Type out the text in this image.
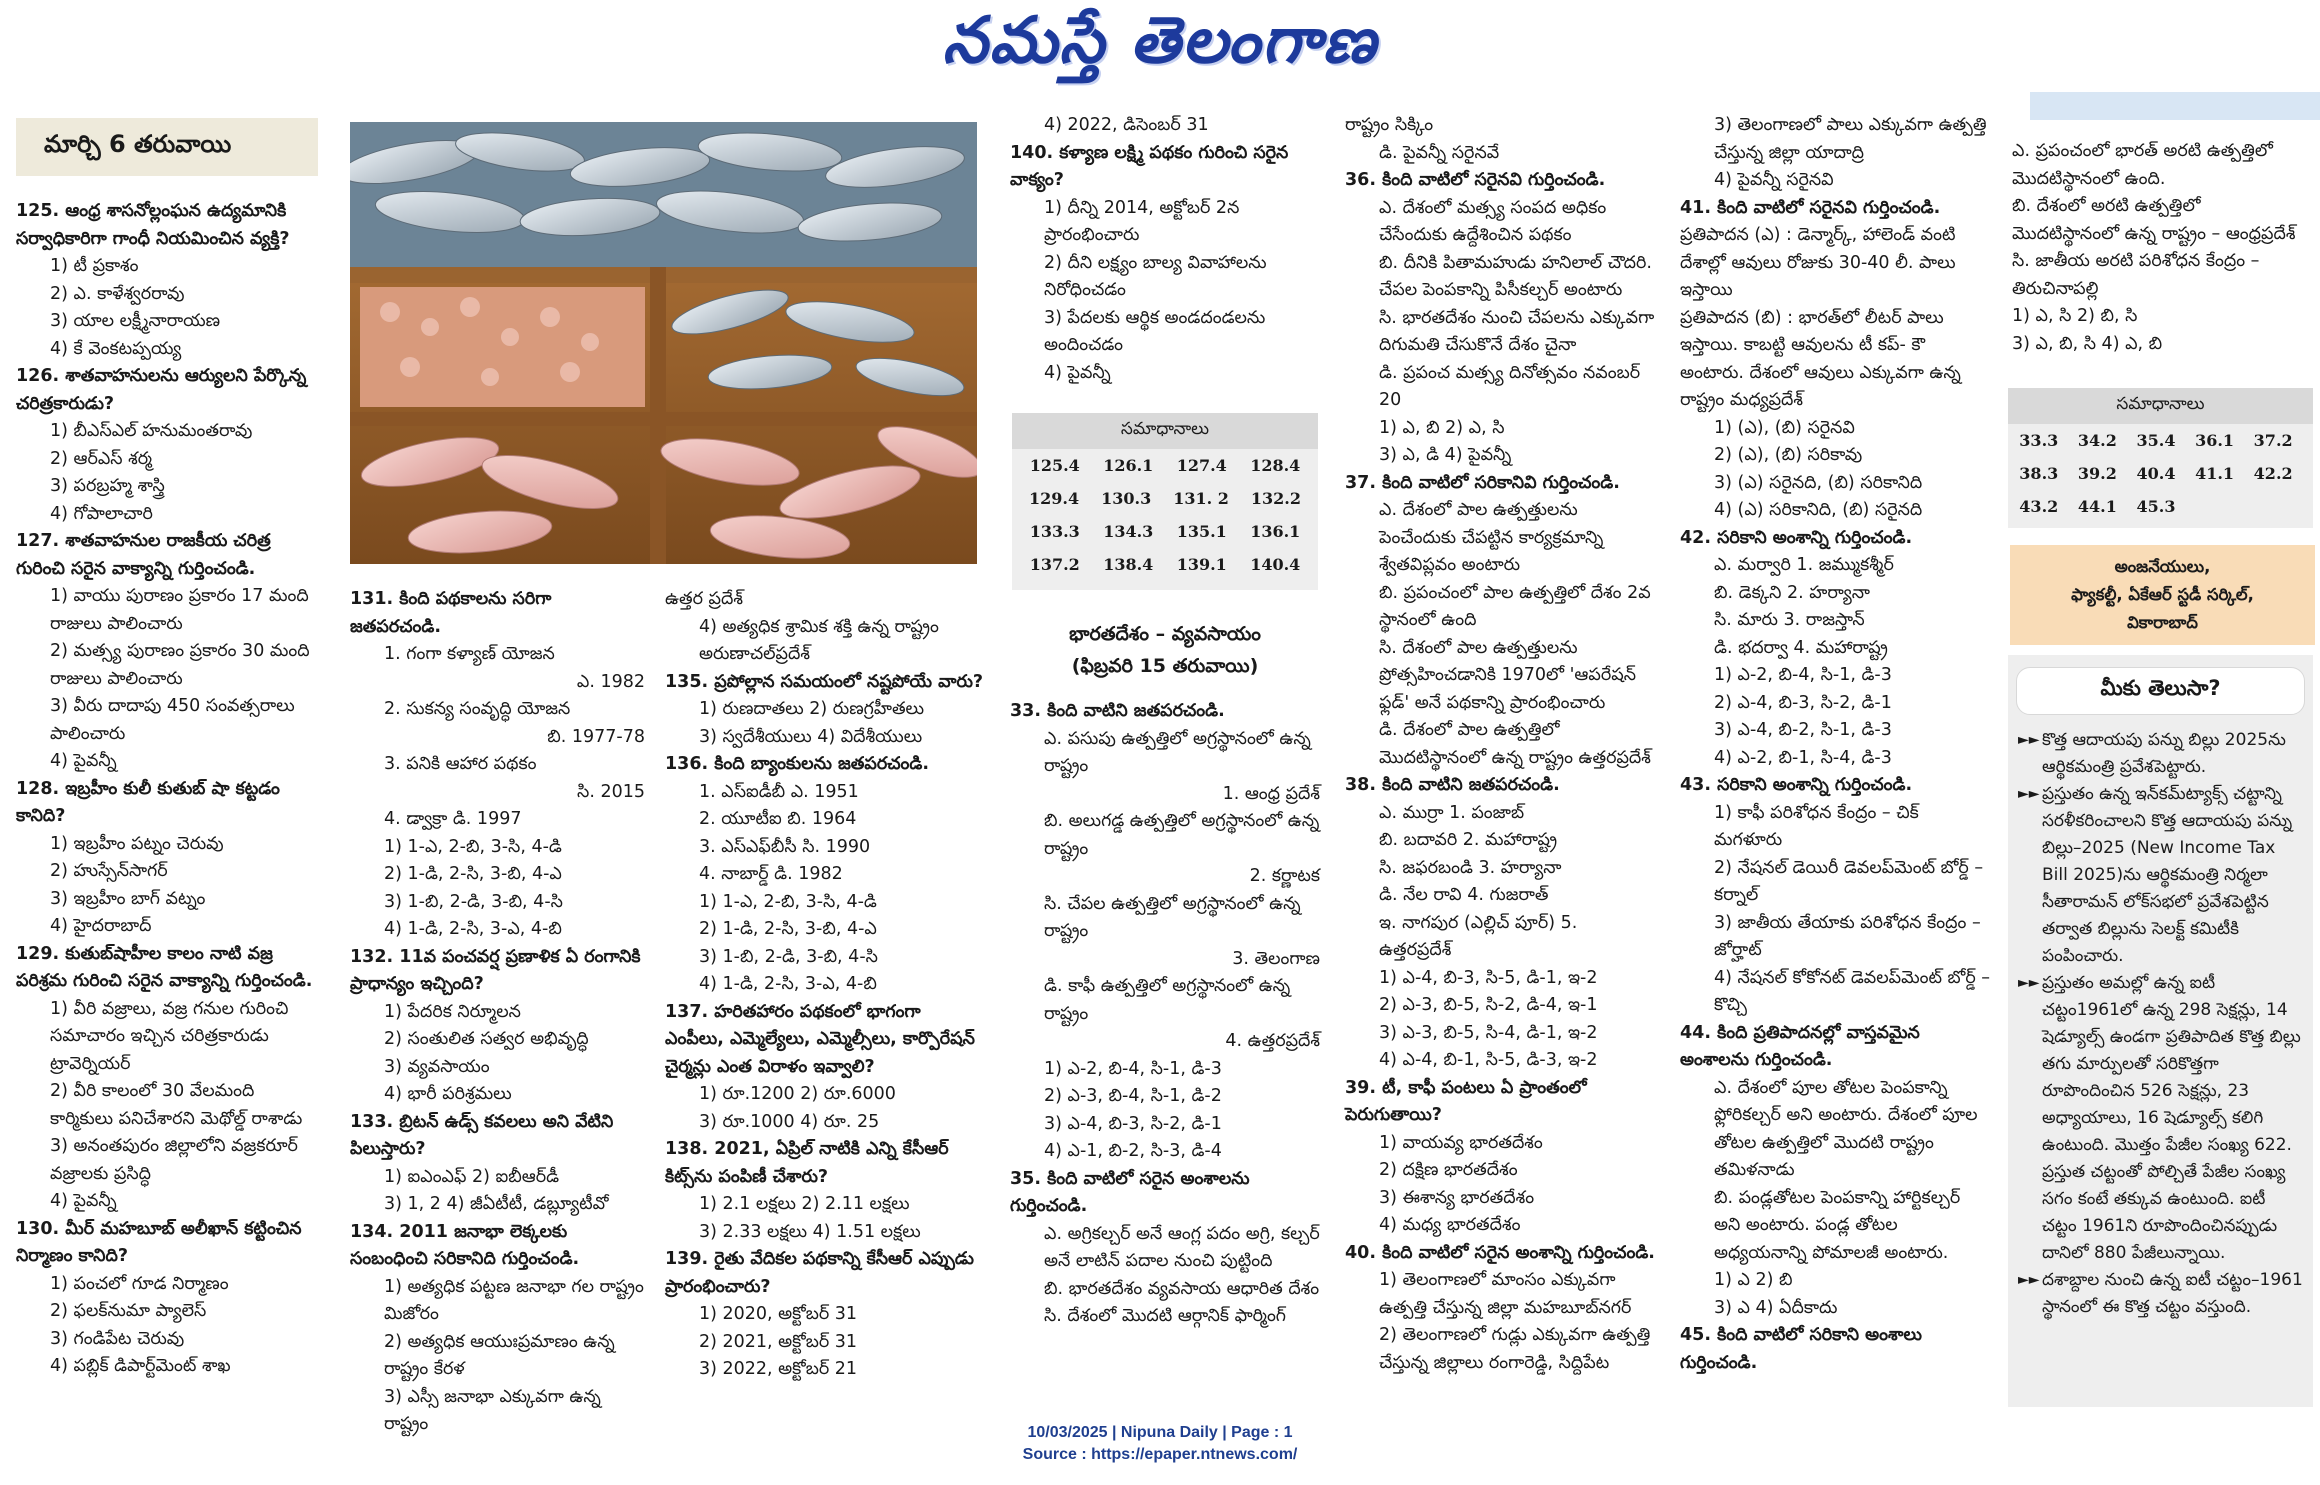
నమస్తే తెలంగాణ
మార్చి 6 తరువాయి

125. ఆంధ్ర శాసనోల్లంఘన ఉద్యమానికి సర్వాధికారిగా గాంధీ నియమించిన వ్యక్తి?

1) టీ ప్రకాశం

2) ఎ. కాళేశ్వరరావు

3) యాల లక్ష్మీనారాయణ

4) కే వెంకటప్పయ్య

126. శాతవాహనులను ఆర్యులని పేర్కొన్న చరిత్రకారుడు?

1) బీఎస్ఎల్ హనుమంతరావు

2) ఆర్ఎస్ శర్మ

3) పరబ్రహ్మ శాస్త్రి

4) గోపాలాచారి

127. శాతవాహనుల రాజకీయ చరిత్ర గురించి సరైన వాక్యాన్ని గుర్తించండి.

1) వాయు పురాణం ప్రకారం 17 మంది రాజులు పాలించారు

2) మత్స్య పురాణం ప్రకారం 30 మంది రాజులు పాలించారు

3) వీరు దాదాపు 450 సంవత్సరాలు పాలించారు

4) పైవన్నీ

128. ఇబ్రహీం కులీ కుతుబ్ షా కట్టడం కానిది?

1) ఇబ్రహీం పట్నం చెరువు

2) హుస్సేన్‌సాగర్

3) ఇబ్రహీం బాగ్ వట్నం

4) హైదరాబాద్

129. కుతుబ్‌షాహీల కాలం నాటి వజ్ర పరిశ్రమ గురించి సరైన వాక్యాన్ని గుర్తించండి.

1) వీరి వజ్రాలు, వజ్ర గనుల గురించి సమాచారం ఇచ్చిన చరిత్రకారుడు ట్రావెర్నియర్

2) వీరి కాలంలో 30 వేలమంది కార్మికులు పనిచేశారని మెథోల్డ్ రాశాడు

3) అనంతపురం జిల్లాలోని వజ్రకరూర్ వజ్రాలకు ప్రసిద్ధి

4) పైవన్నీ

130. మీర్ మహబూబ్ అలీఖాన్ కట్టించిన నిర్మాణం కానిది?

1) పంచలో గూడ నిర్మాణం

2) ఫలక్‌నుమా ప్యాలెస్

3) గండిపేట చెరువు

4) పబ్లిక్ డిపార్ట్‌మెంట్ శాఖ

131. కింది పథకాలను సరిగా జతపరచండి.

1. గంగా కళ్యాణ్ యోజన

ఎ. 1982

2. సుకన్య సంవృద్ధి యోజన

బి. 1977-78

3. పనికి ఆహార పథకం

సి. 2015

4. డ్వాక్రా డి. 1997

1) 1-ఎ, 2-బి, 3-సి, 4-డి

2) 1-డి, 2-సి, 3-బి, 4-ఎ

3) 1-బి, 2-డి, 3-బి, 4-సి

4) 1-డి, 2-సి, 3-ఎ, 4-బి

132. 11వ పంచవర్ష ప్రణాళిక ఏ రంగానికి ప్రాధాన్యం ఇచ్చింది?

1) పేదరిక నిర్మూలన

2) సంతులిత సత్వర అభివృద్ధి

3) వ్యవసాయం

4) భారీ పరిశ్రమలు

133. బ్రిటన్ ఉడ్స్ కవలలు అని వేటిని పిలుస్తారు?

1) ఐఎంఎఫ్ 2) ఐబీఆర్‌డీ

3) 1, 2 4) జీఏటీటీ, డబ్ల్యూటీవో

134. 2011 జనాభా లెక్కలకు సంబంధించి సరికానిది గుర్తించండి.

1) అత్యధిక పట్టణ జనాభా గల రాష్ట్రం మిజోరం

2) అత్యధిక ఆయుఃప్రమాణం ఉన్న రాష్ట్రం కేరళ

3) ఎస్సీ జనాభా ఎక్కువగా ఉన్న రాష్ట్రం

ఉత్తర ప్రదేశ్

4) అత్యధిక శ్రామిక శక్తి ఉన్న రాష్ట్రం అరుణాచల్‌ప్రదేశ్

135. ప్రపోల్లాన సమయంలో నష్టపోయే వారు?

1) రుణదాతలు 2) రుణగ్రహీతలు

3) స్వదేశీయులు 4) విదేశీయులు

136. కింది బ్యాంకులను జతపరచండి.

1. ఎస్ఐడీబీ ఎ. 1951

2. యూటీఐ బి. 1964

3. ఎస్ఎఫ్‌బీసీ సి. 1990

4. నాబార్డ్ డి. 1982

1) 1-ఎ, 2-బి, 3-సి, 4-డి

2) 1-డి, 2-సి, 3-బి, 4-ఎ

3) 1-బి, 2-డి, 3-బి, 4-సి

4) 1-డి, 2-సి, 3-ఎ, 4-బి

137. హరితహారం పథకంలో భాగంగా ఎంపీలు, ఎమ్మెల్యేలు, ఎమ్మెల్సీలు, కార్పొరేషన్ చైర్మన్లు ఎంత విరాళం ఇవ్వాలి?

1) రూ.1200 2) రూ.6000

3) రూ.1000 4) రూ. 25

138. 2021, ఏప్రిల్ నాటికి ఎన్ని కేసీఆర్ కిట్స్‌ను పంపిణీ చేశారు?

1) 2.1 లక్షలు 2) 2.11 లక్షలు

3) 2.33 లక్షలు 4) 1.51 లక్షలు

139. రైతు వేదికల పథకాన్ని కేసీఆర్ ఎప్పుడు ప్రారంభించారు?

1) 2020, అక్టోబర్ 31

2) 2021, అక్టోబర్ 31

3) 2022, అక్టోబర్ 21

4) 2022, డిసెంబర్ 31

140. కళ్యాణ లక్ష్మి పథకం గురించి సరైన వాక్యం?

1) దీన్ని 2014, అక్టోబర్ 2న ప్రారంభించారు

2) దీని లక్ష్యం బాల్య వివాహాలను నిరోధించడం

3) పేదలకు ఆర్థిక అండదండలను అందించడం

4) పైవన్నీ

సమాధానాలు
125.4 126.1 127.4 128.4
129.4 130.3 131. 2 132.2
133.3 134.3 135.1 136.1
137.2 138.4 139.1 140.4
భారతదేశం – వ్యవసాయం
(ఫిబ్రవరి 15 తరువాయి)

33. కింది వాటిని జతపరచండి.

ఎ. పసుపు ఉత్పత్తిలో అగ్రస్థానంలో ఉన్న రాష్ట్రం

1. ఆంధ్ర ప్రదేశ్

బి. అలుగడ్డ ఉత్పత్తిలో అగ్రస్థానంలో ఉన్న రాష్ట్రం

2. కర్ణాటక

సి. చేపల ఉత్పత్తిలో అగ్రస్థానంలో ఉన్న రాష్ట్రం

3. తెలంగాణ

డి. కాఫీ ఉత్పత్తిలో అగ్రస్థానంలో ఉన్న రాష్ట్రం

4. ఉత్తరప్రదేశ్

1) ఎ-2, బి-4, సి-1, డి-3

2) ఎ-3, బి-4, సి-1, డి-2

3) ఎ-4, బి-3, సి-2, డి-1

4) ఎ-1, బి-2, సి-3, డి-4

35. కింది వాటిలో సరైన అంశాలను గుర్తించండి.

ఎ. అగ్రికల్చర్ అనే ఆంగ్ల పదం అగ్రి, కల్చర్ అనే లాటిన్ పదాల నుంచి పుట్టింది

బి. భారతదేశం వ్యవసాయ ఆధారిత దేశం

సి. దేశంలో మొదటి ఆర్గానిక్ ఫార్మింగ్

రాష్ట్రం సిక్కిం

డి. పైవన్నీ సరైనవే

36. కింది వాటిలో సరైనవి గుర్తించండి.

ఎ. దేశంలో మత్స్య సంపద అధికం చేసేందుకు ఉద్దేశించిన పథకం

బి. దీనికి పితామహుడు హనిలాల్ చౌదరి. చేపల పెంపకాన్ని పిసీకల్చర్ అంటారు

సి. భారతదేశం నుంచి చేపలను ఎక్కువగా దిగుమతి చేసుకొనే దేశం చైనా

డి. ప్రపంచ మత్స్య దినోత్సవం నవంబర్ 20

1) ఎ, బి 2) ఎ, సి

3) ఎ, డి 4) పైవన్నీ

37. కింది వాటిలో సరికానివి గుర్తించండి.

ఎ. దేశంలో పాల ఉత్పత్తులను పెంచేందుకు చేపట్టిన కార్యక్రమాన్ని శ్వేతవిప్లవం అంటారు

బి. ప్రపంచంలో పాల ఉత్పత్తిలో దేశం 2వ స్థానంలో ఉంది

సి. దేశంలో పాల ఉత్పత్తులను ప్రోత్సహించడానికి 1970లో 'ఆపరేషన్ ఫ్లడ్' అనే పథకాన్ని ప్రారంభించారు

డి. దేశంలో పాల ఉత్పత్తిలో మొదటిస్థానంలో ఉన్న రాష్ట్రం ఉత్తరప్రదేశ్

38. కింది వాటిని జతపరచండి.

ఎ. ముర్రా 1. పంజాబ్

బి. బదావరి 2. మహారాష్ట్ర

సి. జఫరబండి 3. హర్యానా

డి. నేల రావి 4. గుజరాత్

ఇ. నాగపుర (ఎల్లిచ్ పూర్) 5. ఉత్తరప్రదేశ్

1) ఎ-4, బి-3, సి-5, డి-1, ఇ-2

2) ఎ-3, బి-5, సి-2, డి-4, ఇ-1

3) ఎ-3, బి-5, సి-4, డి-1, ఇ-2

4) ఎ-4, బి-1, సి-5, డి-3, ఇ-2

39. టీ, కాఫీ పంటలు ఏ ప్రాంతంలో పెరుగుతాయి?

1) వాయవ్య భారతదేశం

2) దక్షిణ భారతదేశం

3) ఈశాన్య భారతదేశం

4) మధ్య భారతదేశం

40. కింది వాటిలో సరైన అంశాన్ని గుర్తించండి.

1) తెలంగాణలో మాంసం ఎక్కువగా ఉత్పత్తి చేస్తున్న జిల్లా మహబూబ్‌నగర్

2) తెలంగాణలో గుడ్లు ఎక్కువగా ఉత్పత్తి చేస్తున్న జిల్లాలు రంగారెడ్డి, సిద్దిపేట

3) తెలంగాణలో పాలు ఎక్కువగా ఉత్పత్తి చేస్తున్న జిల్లా యాదాద్రి

4) పైవన్నీ సరైనవి

41. కింది వాటిలో సరైనవి గుర్తించండి.

ప్రతిపాదన (ఎ) : డెన్మార్క్, హాలెండ్ వంటి దేశాల్లో ఆవులు రోజుకు 30-40 లీ. పాలు ఇస్తాయి

ప్రతిపాదన (బి) : భారత్‌లో లీటర్ పాలు ఇస్తాయి. కాబట్టి ఆవులను టీ కప్- కౌ అంటారు. దేశంలో ఆవులు ఎక్కువగా ఉన్న రాష్ట్రం మధ్యప్రదేశ్

1) (ఎ), (బి) సరైనవి

2) (ఎ), (బి) సరికావు

3) (ఎ) సరైనది, (బి) సరికానిది

4) (ఎ) సరికానిది, (బి) సరైనది

42. సరికాని అంశాన్ని గుర్తించండి.

ఎ. మర్వారి 1. జమ్ముకశ్మీర్

బి. డెక్కని 2. హర్యానా

సి. మారు 3. రాజస్తాన్

డి. భదర్వా 4. మహారాష్ట్ర

1) ఎ-2, బి-4, సి-1, డి-3

2) ఎ-4, బి-3, సి-2, డి-1

3) ఎ-4, బి-2, సి-1, డి-3

4) ఎ-2, బి-1, సి-4, డి-3

43. సరికాని అంశాన్ని గుర్తించండి.

1) కాఫీ పరిశోధన కేంద్రం – చిక్ మగళూరు

2) నేషనల్ డెయిరీ డెవలప్‌మెంట్ బోర్డ్ – కర్నాల్

3) జాతీయ తేయాకు పరిశోధన కేంద్రం – జోర్హాట్

4) నేషనల్ కోకోనట్ డెవలప్‌మెంట్ బోర్డ్ – కొచ్చి

44. కింది ప్రతిపాదనల్లో వాస్తవమైన అంశాలను గుర్తించండి.

ఎ. దేశంలో పూల తోటల పెంపకాన్ని ఫ్లోరికల్చర్ అని అంటారు. దేశంలో పూల తోటల ఉత్పత్తిలో మొదటి రాష్ట్రం తమిళనాడు

బి. పండ్లతోటల పెంపకాన్ని హార్టికల్చర్ అని అంటారు. పండ్ల తోటల అధ్యయనాన్ని పోమాలజీ అంటారు.

1) ఎ 2) బి

3) ఎ 4) ఏదీకాదు

45. కింది వాటిలో సరికాని అంశాలు గుర్తించండి.

ఎ. ప్రపంచంలో భారత్ అరటి ఉత్పత్తిలో మొదటిస్థానంలో ఉంది.

బి. దేశంలో అరటి ఉత్పత్తిలో మొదటిస్థానంలో ఉన్న రాష్ట్రం – ఆంధ్రప్రదేశ్

సి. జాతీయ అరటి పరిశోధన కేంద్రం – తిరుచినాపల్లి

1) ఎ, సి 2) బి, సి

3) ఎ, బి, సి 4) ఎ, బి

సమాధానాలు
33.3	34.2	35.4	36.1	37.2
38.3	39.2	40.4	41.1	42.2
43.2	44.1	45.3
అంజనేయులు,
ఫ్యాకల్టీ, ఏకేఆర్ స్టడీ సర్కిల్,
వికారాబాద్
మీకు తెలుసా?
►► కొత్త ఆదాయపు పన్ను బిల్లు 2025ను ఆర్థికమంత్రి ప్రవేశపెట్టారు.
►► ప్రస్తుతం ఉన్న ఇన్‌కమ్‌ట్యాక్స్ చట్టాన్ని సరళీకరించాలని కొత్త ఆదాయపు పన్ను బిల్లు–2025 (New Income Tax Bill 2025)ను ఆర్థికమంత్రి నిర్మలా సీతారామన్ లోక్‌సభలో ప్రవేశపెట్టిన తర్వాత బిల్లును సెలక్ట్ కమిటీకి పంపించారు.
►► ప్రస్తుతం అమల్లో ఉన్న ఐటీ చట్టం1961లో ఉన్న 298 సెక్షన్లు, 14 షెడ్యూల్స్ ఉండగా ప్రతిపాదిత కొత్త బిల్లు తగు మార్పులతో సరికొత్తగా రూపొందించిన 526 సెక్షన్లు, 23 అధ్యాయాలు, 16 షెడ్యూల్స్ కలిగి ఉంటుంది. మొత్తం పేజీల సంఖ్య 622. ప్రస్తుత చట్టంతో పోల్చితే పేజీల సంఖ్య సగం కంటే తక్కువ ఉంటుంది. ఐటీ చట్టం 1961ని రూపొందించినప్పుడు దానిలో 880 పేజీలున్నాయి.
►► దశాబ్దాల నుంచి ఉన్న ఐటీ చట్టం–1961 స్థానంలో ఈ కొత్త చట్టం వస్తుంది.
10/03/2025 | Nipuna Daily | Page : 1
Source : https://epaper.ntnews.com/
